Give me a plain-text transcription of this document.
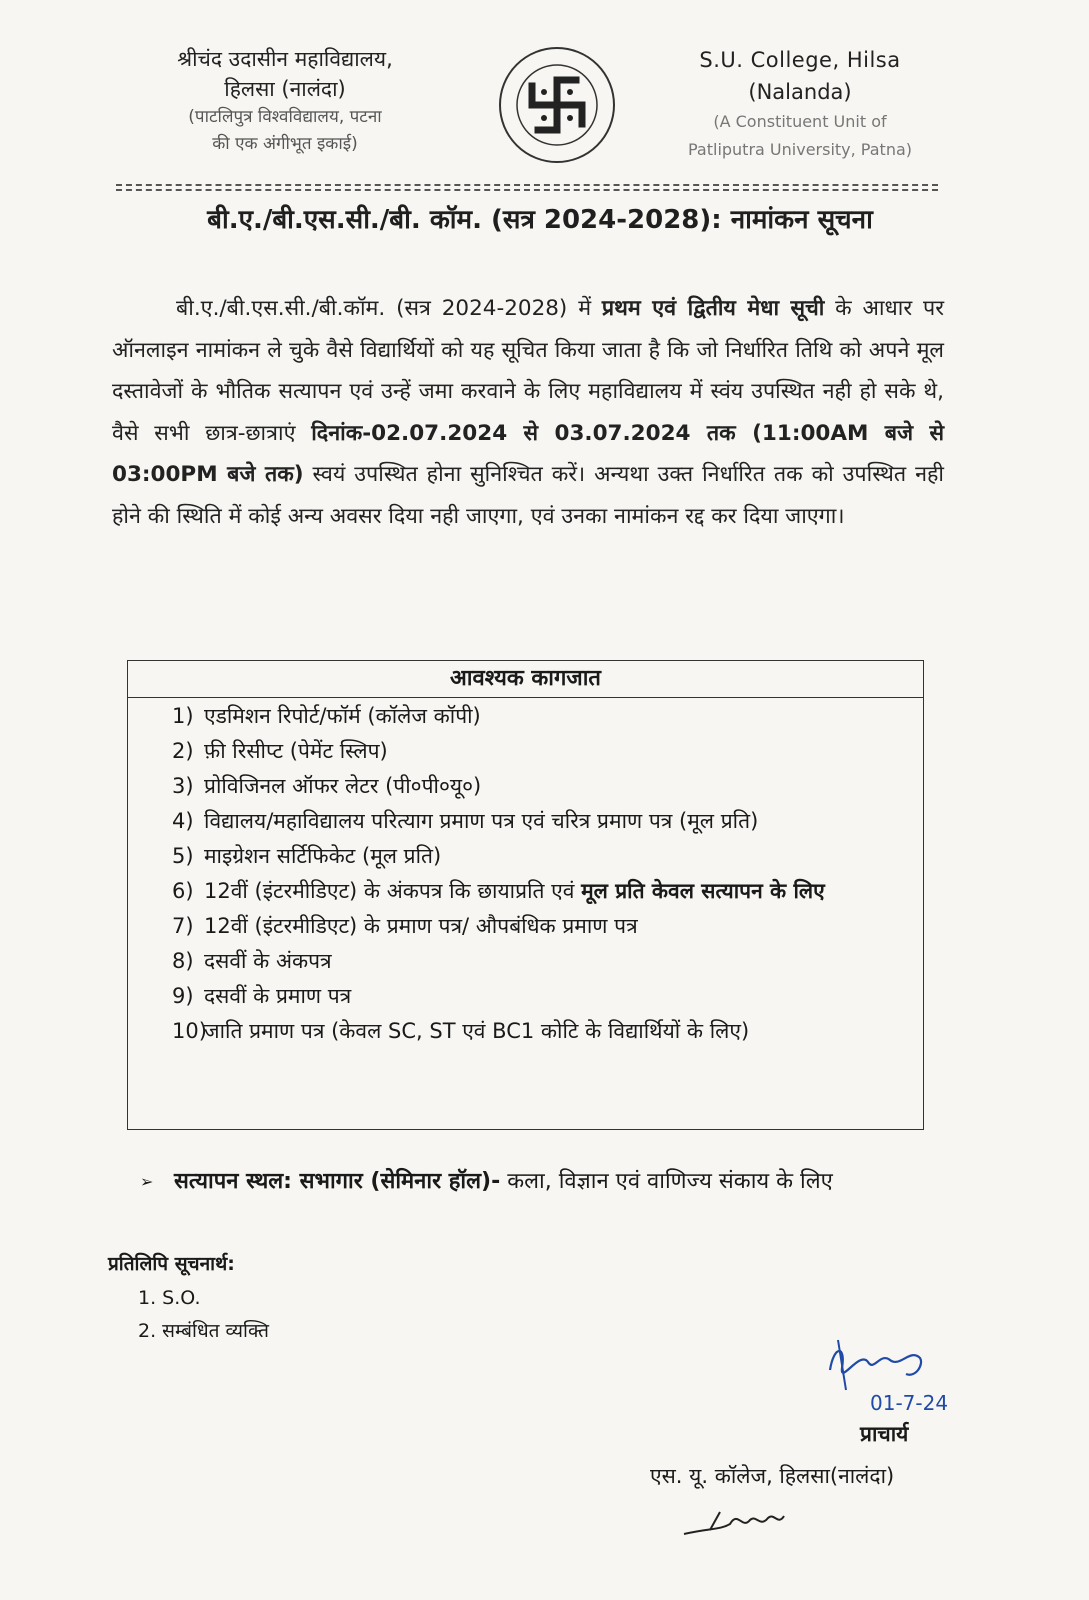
श्रीचंद उदासीन महाविद्यालय,
हिलसा (नालंदा)
(पाटलिपुत्र विश्वविद्यालय, पटना
की एक अंगीभूत इकाई)
S.U. College, Hilsa
(Nalanda)
(A Constituent Unit of
Patliputra University, Patna)
बी.ए./बी.एस.सी./बी. कॉम. (सत्र 2024-2028): नामांकन सूचना

बी.ए./बी.एस.सी./बी.कॉम. (सत्र 2024-2028) में प्रथम एवं द्वितीय मेधा सूची के आधार पर ऑनलाइन नामांकन ले चुके वैसे विद्यार्थियों को यह सूचित किया जाता है कि जो निर्धारित तिथि को अपने मूल दस्तावेजों के भौतिक सत्यापन एवं उन्हें जमा करवाने के लिए महाविद्यालय में स्वंय उपस्थित नही हो सके थे, वैसे सभी छात्र-छात्राएं दिनांक-02.07.2024 से 03.07.2024 तक (11:00AM बजे से 03:00PM बजे तक) स्वयं उपस्थित होना सुनिश्चित करें। अन्यथा उक्त निर्धारित तक को उपस्थित नही होने की स्थिति में कोई अन्य अवसर दिया नही जाएगा, एवं उनका नामांकन रद्द कर दिया जाएगा।

आवश्यक कागजात
1) एडमिशन रिपोर्ट/फॉर्म (कॉलेज कॉपी)
2) फ़ी रिसीप्ट (पेमेंट स्लिप)
3) प्रोविजिनल ऑफर लेटर (पी०पी०यू०)
4) विद्यालय/महाविद्यालय परित्याग प्रमाण पत्र एवं चरित्र प्रमाण पत्र (मूल प्रति)
5) माइग्रेशन सर्टिफिकेट (मूल प्रति)
6) 12वीं (इंटरमीडिएट) के अंकपत्र कि छायाप्रति एवं मूल प्रति केवल सत्यापन के लिए
7) 12वीं (इंटरमीडिएट) के प्रमाण पत्र/ औपबंधिक प्रमाण पत्र
8) दसवीं के अंकपत्र
9) दसवीं के प्रमाण पत्र
10)
जाति प्रमाण पत्र (केवल SC, ST एवं BC1 कोटि के विद्यार्थियों के लिए)
➢ सत्यापन स्थल: सभागार (सेमिनार हॉल)- कला, विज्ञान एवं वाणिज्य संकाय के लिए
प्रतिलिपि सूचनार्थ:
1. S.O.
2. सम्बंधित व्यक्ति
01-7-24
प्राचार्य
एस. यू. कॉलेज, हिलसा(नालंदा)
